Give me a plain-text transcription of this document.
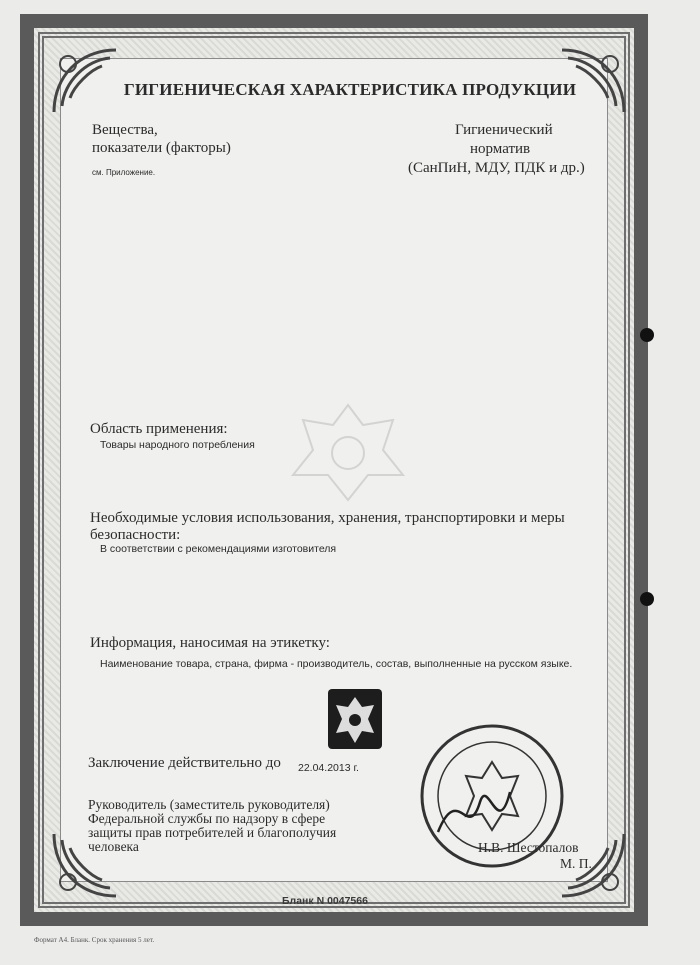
ГИГИЕНИЧЕСКАЯ ХАРАКТЕРИСТИКА ПРОДУКЦИИ
Вещества,
показатели (факторы)
см. Приложение.
Гигиенический
норматив
(СанПиН, МДУ, ПДК и др.)
Область применения:
Товары народного потребления
Необходимые условия использования, хранения, транспортировки и меры
безопасности:
В соответствии с рекомендациями изготовителя
Информация, наносимая на этикетку:
Наименование товара, страна, фирма - производитель, состав, выполненные на русском языке.
Заключение действительно до 22.04.2013 г.
Руководитель (заместитель руководителя)
Федеральной службы по надзору в сфере
защиты прав потребителей и благополучия
человека	Н.В. Шестопалов
М. П.
Бланк N 0047566
Формат А4. Бланк. Срок хранения 5 лет.
